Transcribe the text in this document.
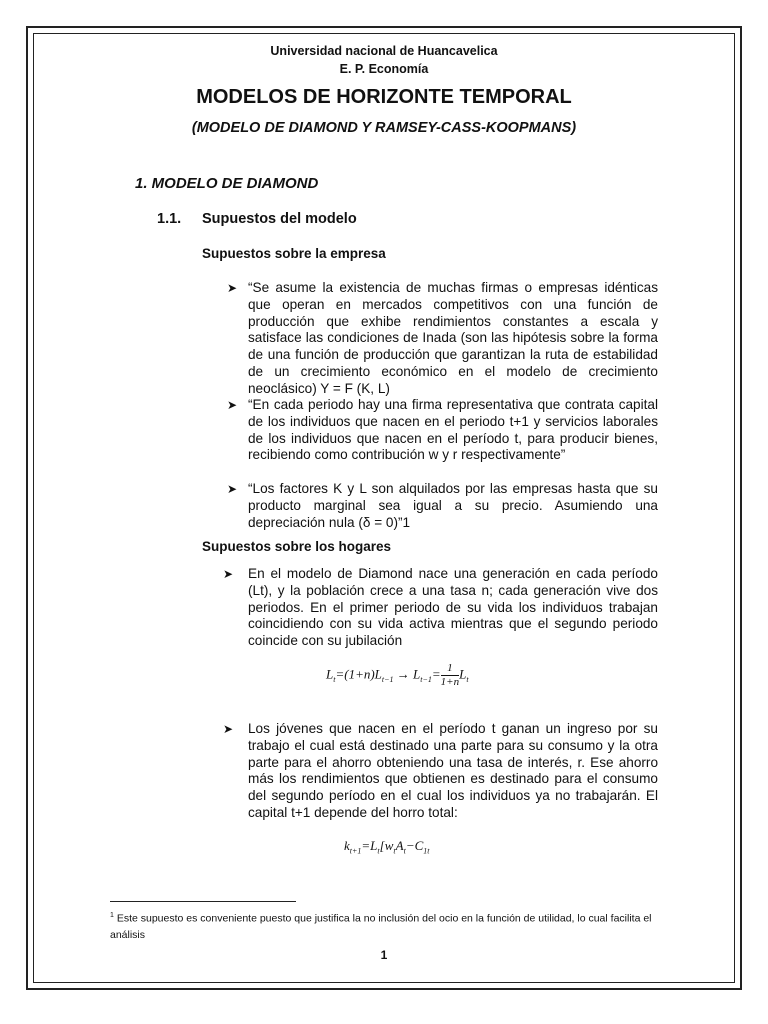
Universidad nacional de Huancavelica
E. P. Economía
MODELOS DE HORIZONTE TEMPORAL
(MODELO DE DIAMOND Y RAMSEY-CASS-KOOPMANS)
1. MODELO DE DIAMOND
1.1. Supuestos del modelo
Supuestos sobre la empresa
➤ “Se asume la existencia de muchas firmas o empresas idénticas que operan en mercados competitivos con una función de producción que exhibe rendimientos constantes a escala y satisface las condiciones de Inada (son las hipótesis sobre la forma de una función de producción que garantizan la ruta de estabilidad de un crecimiento económico en el modelo de crecimiento neoclásico) Y = F (K, L)
➤ “En cada periodo hay una firma representativa que contrata capital de los individuos que nacen en el periodo t+1 y servicios laborales de los individuos que nacen en el período t, para producir bienes, recibiendo como contribución w y r respectivamente”
➤ “Los factores K y L son alquilados por las empresas hasta que su producto marginal sea igual a su precio. Asumiendo una depreciación nula (δ = 0)”1
Supuestos sobre los hogares
➤ En el modelo de Diamond nace una generación en cada período (Lt), y la población crece a una tasa n; cada generación vive dos periodos. En el primer periodo de su vida los individuos trabajan coincidiendo con su vida activa mientras que el segundo periodo coincide con su jubilación
$L_t=(1+n)L_{t-1} \to L_{t-1}= \frac{1}{1+n} L_t$
➤ Los jóvenes que nacen en el período t ganan un ingreso por su trabajo el cual está destinado una parte para su consumo y la otra parte para el ahorro obteniendo una tasa de interés, r. Ese ahorro más los rendimientos que obtienen es destinado para el consumo del segundo período en el cual los individuos ya no trabajarán. El capital t+1 depende del horro total:
$k_{t+1}=L_t[w_tA_t-C_{1t}$
$^1$ Este supuesto es conveniente puesto que justifica la no inclusión del ocio en la función de utilidad, lo cual facilita el análisis
1
